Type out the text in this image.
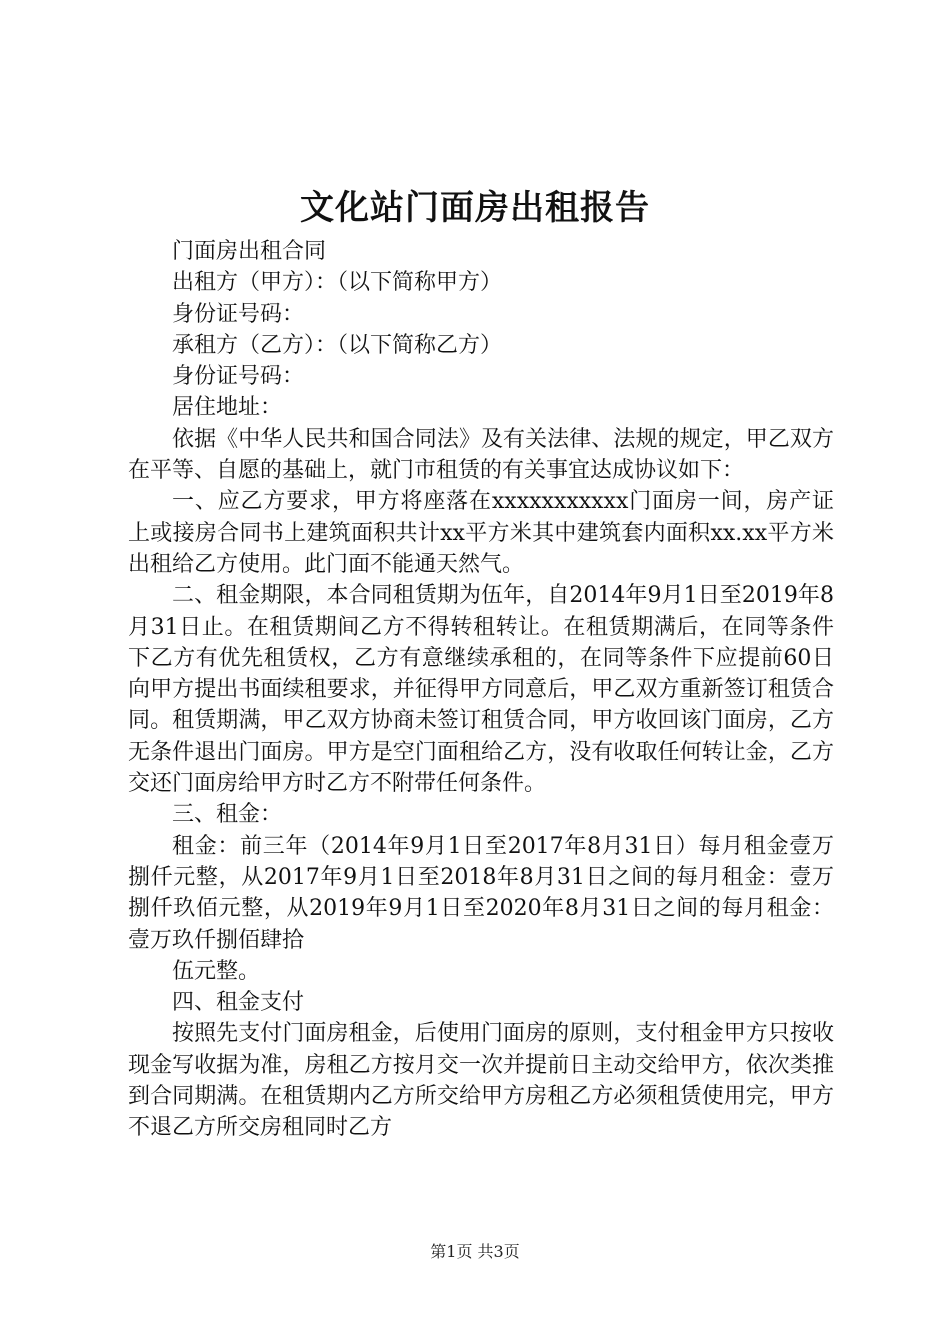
文化站门面房出租报告

门面房出租合同

出租方（甲方）：（以下简称甲方）

身份证号码：

承租方（乙方）：（以下简称乙方）

身份证号码：

居住地址：

依据《中华人民共和国合同法》及有关法律、法规的规定，甲乙双方在平等、自愿的基础上，就门市租赁的有关事宜达成协议如下：

一、应乙方要求，甲方将座落在xxxxxxxxxxx门面房一间，房产证上或接房合同书上建筑面积共计xx平方米其中建筑套内面积xx.xx平方米出租给乙方使用。此门面不能通天然气。

二、租金期限，本合同租赁期为伍年，自2014年9月1日至2019年8月31日止。在租赁期间乙方不得转租转让。在租赁期满后，在同等条件下乙方有优先租赁权，乙方有意继续承租的，在同等条件下应提前60日向甲方提出书面续租要求，并征得甲方同意后，甲乙双方重新签订租赁合同。租赁期满，甲乙双方协商未签订租赁合同，甲方收回该门面房，乙方无条件退出门面房。甲方是空门面租给乙方，没有收取任何转让金，乙方交还门面房给甲方时乙方不附带任何条件。

三、租金：

租金：前三年（2014年9月1日至2017年8月31日）每月租金壹万捌仟元整，从2017年9月1日至2018年8月31日之间的每月租金：壹万捌仟玖佰元整，从2019年9月1日至2020年8月31日之间的每月租金：壹万玖仟捌佰肆拾

伍元整。

四、租金支付

按照先支付门面房租金，后使用门面房的原则，支付租金甲方只按收现金写收据为准，房租乙方按月交一次并提前日主动交给甲方，依次类推到合同期满。在租赁期内乙方所交给甲方房租乙方必须租赁使用完，甲方不退乙方所交房租同时乙方

第1页 共3页
